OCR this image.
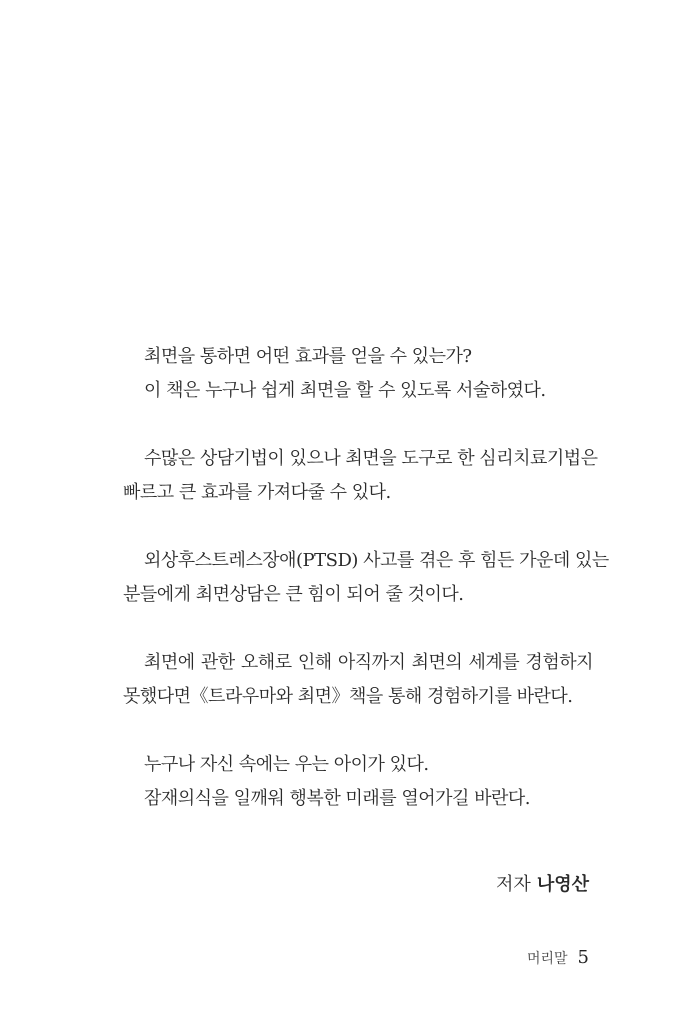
최면을 통하면 어떤 효과를 얻을 수 있는가?
이 책은 누구나 쉽게 최면을 할 수 있도록 서술하였다.
수많은 상담기법이 있으나 최면을 도구로 한 심리치료기법은
빠르고 큰 효과를 가져다줄 수 있다.
외상후스트레스장애(PTSD) 사고를 겪은 후 힘든 가운데 있는
분들에게 최면상담은 큰 힘이 되어 줄 것이다.
최면에 관한 오해로 인해 아직까지 최면의 세계를 경험하지
못했다면《트라우마와 최면》책을 통해 경험하기를 바란다.
누구나 자신 속에는 우는 아이가 있다.
잠재의식을 일깨워 행복한 미래를 열어가길 바란다.
저자 나영산
머리말 5
